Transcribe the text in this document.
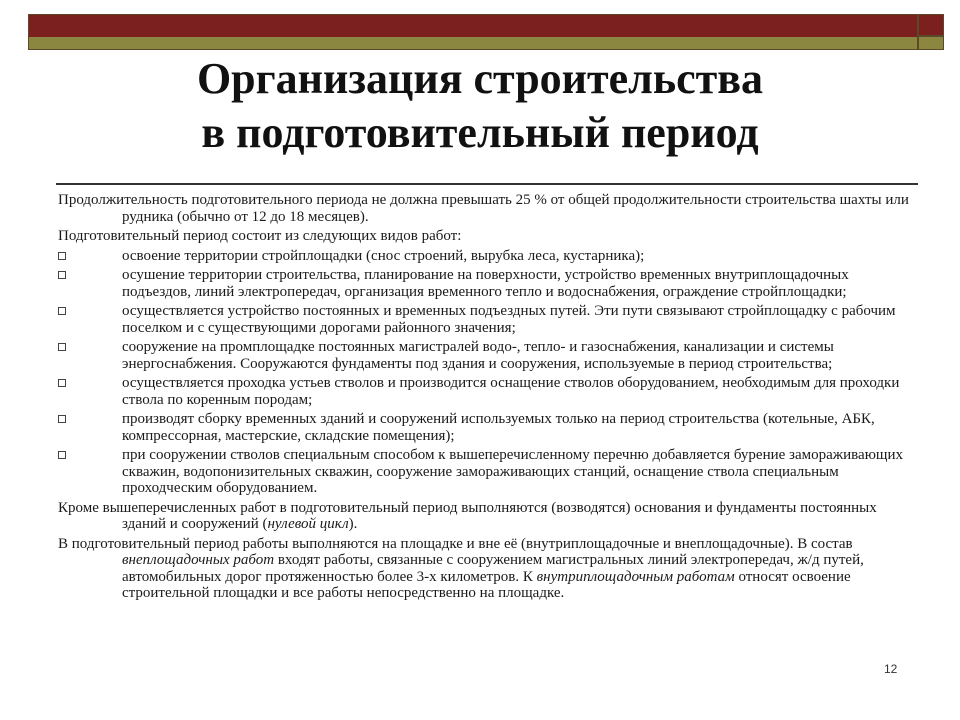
Организация строительства
в подготовительный период

Продолжительность подготовительного периода не должна превышать 25 % от общей продолжительности строительства шахты или рудника (обычно от 12 до 18 месяцев).

Подготовительный период состоит из следующих видов работ:

освоение территории стройплощадки (снос строений, вырубка леса, кустарника);
осушение территории строительства, планирование на поверхности, устройство временных внутриплощадочных подъездов, линий электропередач, организация временного тепло и водоснабжения, ограждение стройплощадки;
осуществляется устройство постоянных и временных подъездных путей. Эти пути связывают стройплощадку с рабочим поселком и с существующими дорогами районного значения;
сооружение на промплощадке постоянных магистралей водо-, тепло- и газоснабжения, канализации и системы энергоснабжения. Сооружаются фундаменты под здания и сооружения, используемые в период строительства;
осуществляется проходка устьев стволов и производится оснащение стволов оборудованием, необходимым для проходки ствола по коренным породам;
производят сборку временных зданий и сооружений используемых только на период строительства (котельные, АБК, компрессорная, мастерские, складские помещения);
при сооружении стволов специальным способом к вышеперечисленному перечню добавляется бурение замораживающих скважин, водопонизительных скважин, сооружение замораживающих станций, оснащение ствола специальным проходческим оборудованием.

Кроме вышеперечисленных работ в подготовительный период выполняются (возводятся) основания и фундаменты постоянных зданий и сооружений (нулевой цикл).

В подготовительный период работы выполняются на площадке и вне её (внутриплощадочные и внеплощадочные). В состав внеплощадочных работ входят работы, связанные с сооружением магистральных линий электропередач, ж/д путей, автомобильных дорог протяженностью более 3-х километров. К внутриплощадочным работам относят освоение строительной площадки и все работы непосредственно на площадке.

12
